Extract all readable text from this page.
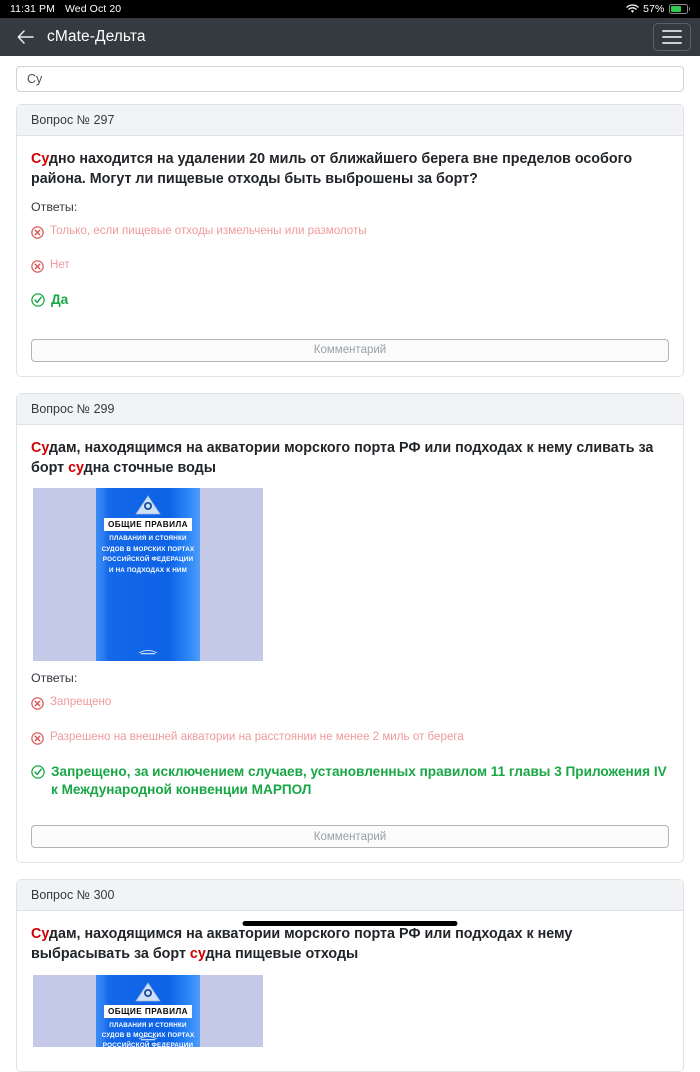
11:31 PM Wed Oct 20	57%
cMate-Дельта
Су
Вопрос № 297
Судно находится на удалении 20 миль от ближайшего берега вне пределов особого района. Могут ли пищевые отходы быть выброшены за борт?
Ответы:
Только, если пищевые отходы измельчены или размолоты
Нет
Да
Комментарий
Вопрос № 299
Судам, находящимся на акватории морского порта РФ или подходах к нему сливать за борт судна сточные воды
ОБЩИЕ ПРАВИЛА
ПЛАВАНИЯ И СТОЯНКИ
СУДОВ В МОРСКИХ ПОРТАХ
РОССИЙСКОЙ ФЕДЕРАЦИИ
И НА ПОДХОДАХ К НИМ
Ответы:
Запрещено
Разрешено на внешней акватории на расстоянии не менее 2 миль от берега
Запрещено, за исключением случаев, установленных правилом 11 главы 3 Приложения IV к Международной конвенции МАРПОЛ
Комментарий
Вопрос № 300
Судам, находящимся на акватории морского порта РФ или подходах к нему выбрасывать за борт судна пищевые отходы
ОБЩИЕ ПРАВИЛА
ПЛАВАНИЯ И СТОЯНКИ
СУДОВ В МОРСКИХ ПОРТАХ
РОССИЙСКОЙ ФЕДЕРАЦИИ
И НА ПОДХОДАХ К НИМ
